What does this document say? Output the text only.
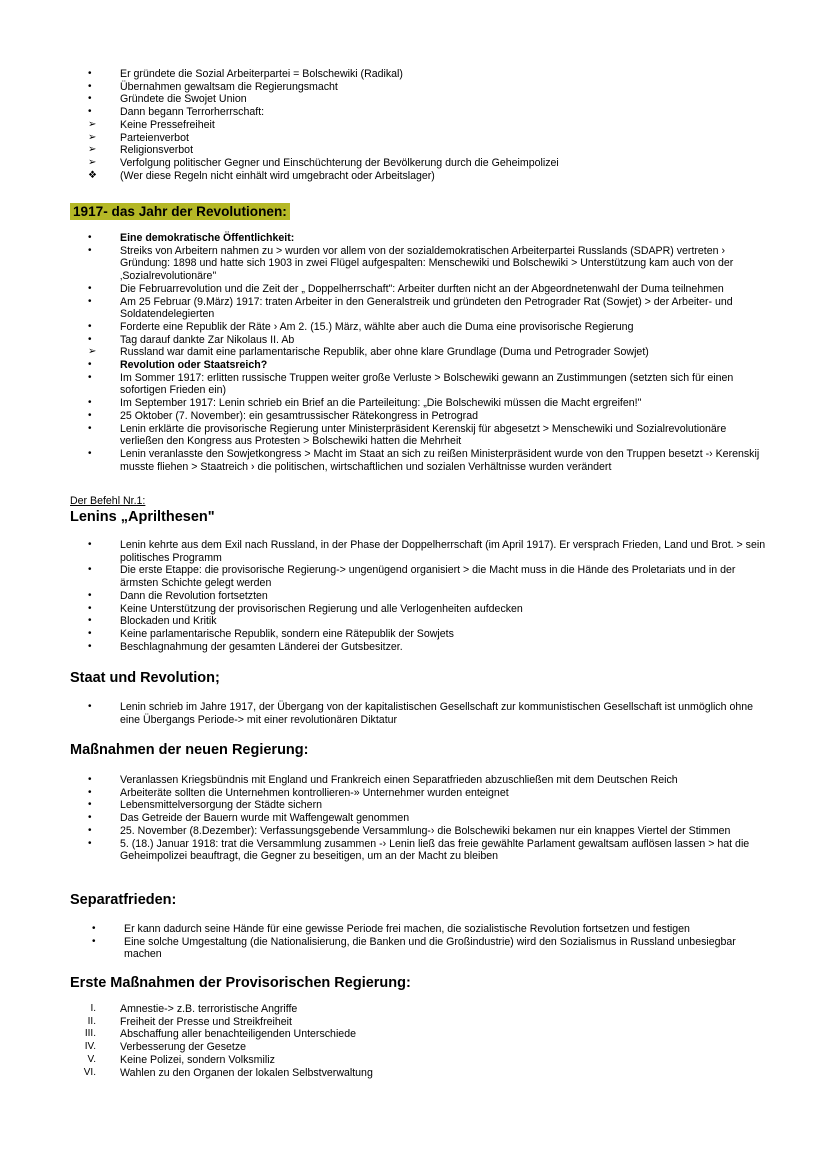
•	Er gründete die Sozial Arbeiterpartei = Bolschewiki (Radikal)
•	Übernahmen gewaltsam die Regierungsmacht
•	Gründete die Swojet Union
•	Dann begann Terrorherrschaft:
➢	Keine Pressefreiheit
➢	Parteienverbot
➢	Religionsverbot
➢	Verfolgung politischer Gegner und Einschüchterung der Bevölkerung durch die Geheimpolizei
❖	(Wer diese Regeln nicht einhält wird umgebracht oder Arbeitslager)
1917- das Jahr der Revolutionen:
•	Eine demokratische Öffentlichkeit:
•	Streiks von Arbeitern nahmen zu > wurden vor allem von der sozialdemokratischen Arbeiterpartei Russlands (SDAPR) vertreten › Gründung: 1898 und hatte sich 1903 in zwei Flügel aufgespalten: Menschewiki und Bolschewiki > Unterstützung kam auch von der ‚Sozialrevolutionäre"
•	Die Februarrevolution und die Zeit der „ Doppelherrschaft": Arbeiter durften nicht an der Abgeordnetenwahl der Duma teilnehmen
•	Am 25 Februar (9.März) 1917: traten Arbeiter in den Generalstreik und gründeten den Petrograder Rat (Sowjet) > der Arbeiter- und Soldatendelegierten
•	Forderte eine Republik der Räte › Am 2. (15.) März, wählte aber auch die Duma eine provisorische Regierung
•	Tag darauf dankte Zar Nikolaus II. Ab
➢	Russland war damit eine parlamentarische Republik, aber ohne klare Grundlage (Duma und Petrograder Sowjet)
•	Revolution oder Staatsreich?
•	Im Sommer 1917: erlitten russische Truppen weiter große Verluste > Bolschewiki gewann an Zustimmungen (setzten sich für einen sofortigen Frieden ein)
•	Im September 1917: Lenin schrieb ein Brief an die Parteileitung: „Die Bolschewiki müssen die Macht ergreifen!"
•	25 Oktober (7. November): ein gesamtrussischer Rätekongress in Petrograd
•	Lenin erklärte die provisorische Regierung unter Ministerpräsident Kerenskij für abgesetzt > Menschewiki und Sozialrevolutionäre verließen den Kongress aus Protesten > Bolschewiki hatten die Mehrheit
•	Lenin veranlasste den Sowjetkongress > Macht im Staat an sich zu reißen Ministerpräsident wurde von den Truppen besetzt -› Kerenskij musste fliehen > Staatreich › die politischen, wirtschaftlichen und sozialen Verhältnisse wurden verändert
Der Befehl Nr.1:
Lenins „Aprilthesen"
•	Lenin kehrte aus dem Exil nach Russland, in der Phase der Doppelherrschaft (im April 1917). Er versprach Frieden, Land und Brot. > sein politisches Programm
•	Die erste Etappe: die provisorische Regierung-> ungenügend organisiert > die Macht muss in die Hände des Proletariats und in der ärmsten Schichte gelegt werden
•	Dann die Revolution fortsetzten
•	Keine Unterstützung der provisorischen Regierung und alle Verlogenheiten aufdecken
•	Blockaden und Kritik
•	Keine parlamentarische Republik, sondern eine Rätepublik der Sowjets
•	Beschlagnahmung der gesamten Länderei der Gutsbesitzer.
Staat und Revolution;
•	Lenin schrieb im Jahre 1917, der Übergang von der kapitalistischen Gesellschaft zur kommunistischen Gesellschaft ist unmöglich ohne eine Übergangs Periode-> mit einer revolutionären Diktatur
Maßnahmen der neuen Regierung:
•	Veranlassen Kriegsbündnis mit England und Frankreich einen Separatfrieden abzuschließen mit dem Deutschen Reich
•	Arbeiteräte sollten die Unternehmen kontrollieren-» Unternehmer wurden enteignet
•	Lebensmittelversorgung der Städte sichern
•	Das Getreide der Bauern wurde mit Waffengewalt genommen
•	25. November (8.Dezember): Verfassungsgebende Versammlung-› die Bolschewiki bekamen nur ein knappes Viertel der Stimmen
•	5. (18.) Januar 1918: trat die Versammlung zusammen -› Lenin ließ das freie gewählte Parlament gewaltsam auflösen lassen > hat die Geheimpolizei beauftragt, die Gegner zu beseitigen, um an der Macht zu bleiben
Separatfrieden:
•	Er kann dadurch seine Hände für eine gewisse Periode frei machen, die sozialistische Revolution fortsetzen und festigen
•	Eine solche Umgestaltung (die Nationalisierung, die Banken und die Großindustrie) wird den Sozialismus in Russland unbesiegbar machen
Erste Maßnahmen der Provisorischen Regierung:
I. Amnestie-> z.B. terroristische Angriffe
II. Freiheit der Presse und Streikfreiheit
III. Abschaffung aller benachteiligenden Unterschiede
IV. Verbesserung der Gesetze
V. Keine Polizei, sondern Volksmiliz
VI. Wahlen zu den Organen der lokalen Selbstverwaltung
